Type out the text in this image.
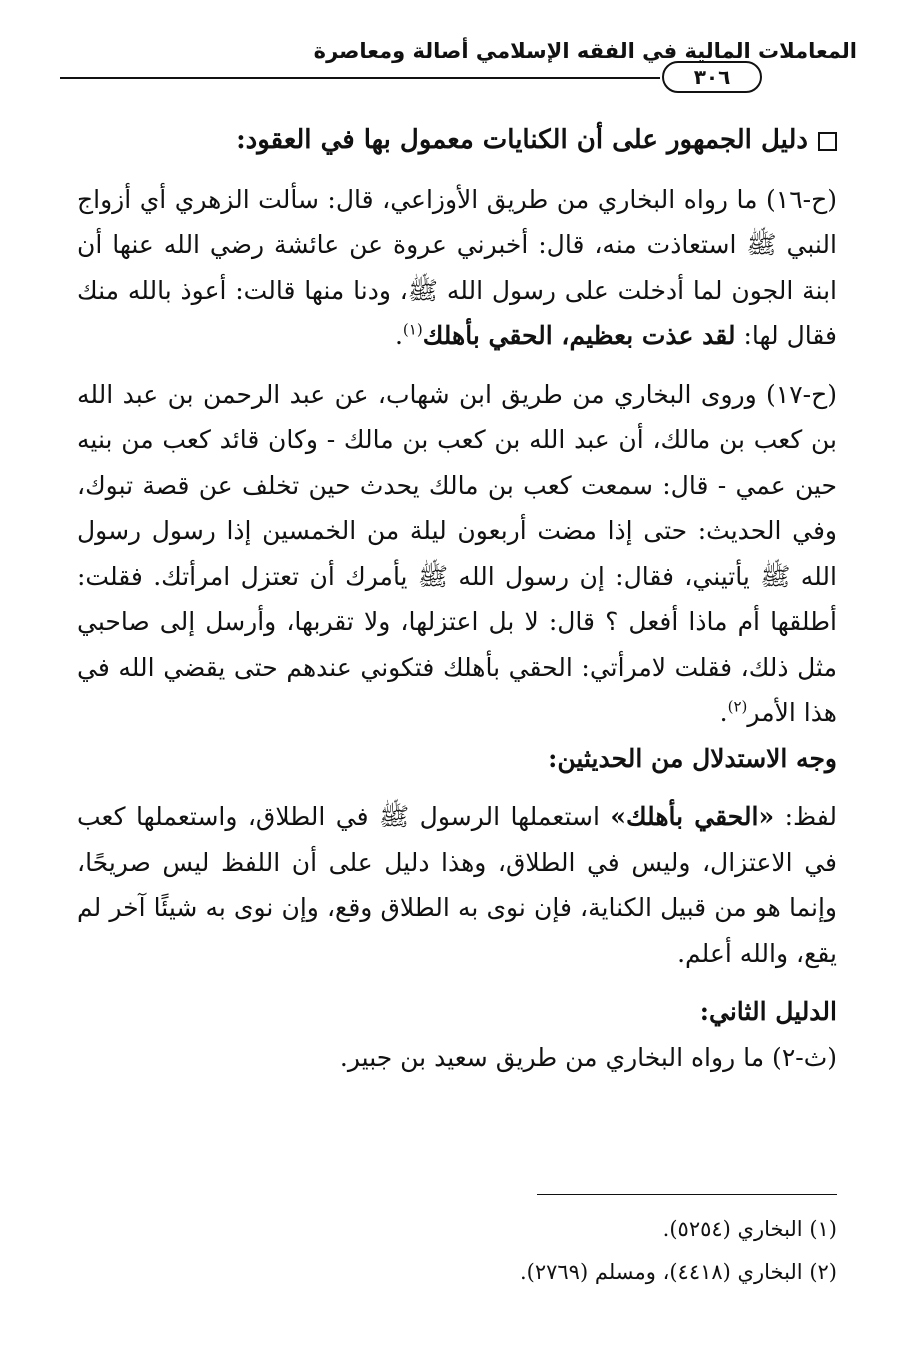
المعاملات المالية في الفقه الإسلامي أصالة ومعاصرة
٣٠٦

دليل الجمهور على أن الكنايات معمول بها في العقود:

(ح-١٦) ما رواه البخاري من طريق الأوزاعي، قال: سألت الزهري أي أزواج النبي ﷺ استعاذت منه، قال: أخبرني عروة عن عائشة رضي الله عنها أن ابنة الجون لما أدخلت على رسول الله ﷺ، ودنا منها قالت: أعوذ بالله منك فقال لها: لقد عذت بعظيم، الحقي بأهلك$^{(١)}$.

(ح-١٧) وروى البخاري من طريق ابن شهاب، عن عبد الرحمن بن عبد الله بن كعب بن مالك، أن عبد الله بن كعب بن مالك - وكان قائد كعب من بنيه حين عمي - قال: سمعت كعب بن مالك يحدث حين تخلف عن قصة تبوك، وفي الحديث: حتى إذا مضت أربعون ليلة من الخمسين إذا رسول رسول الله ﷺ يأتيني، فقال: إن رسول الله ﷺ يأمرك أن تعتزل امرأتك. فقلت: أطلقها أم ماذا أفعل ؟ قال: لا بل اعتزلها، ولا تقربها، وأرسل إلى صاحبي مثل ذلك، فقلت لامرأتي: الحقي بأهلك فتكوني عندهم حتى يقضي الله في هذا الأمر$^{(٢)}$.

وجه الاستدلال من الحديثين:

لفظ: «الحقي بأهلك» استعملها الرسول ﷺ في الطلاق، واستعملها كعب في الاعتزال، وليس في الطلاق، وهذا دليل على أن اللفظ ليس صريحًا، وإنما هو من قبيل الكناية، فإن نوى به الطلاق وقع، وإن نوى به شيئًا آخر لم يقع، والله أعلم.

الدليل الثاني:

(ث-٢) ما رواه البخاري من طريق سعيد بن جبير.

(١) البخاري (٥٢٥٤).

(٢) البخاري (٤٤١٨)، ومسلم (٢٧٦٩).
